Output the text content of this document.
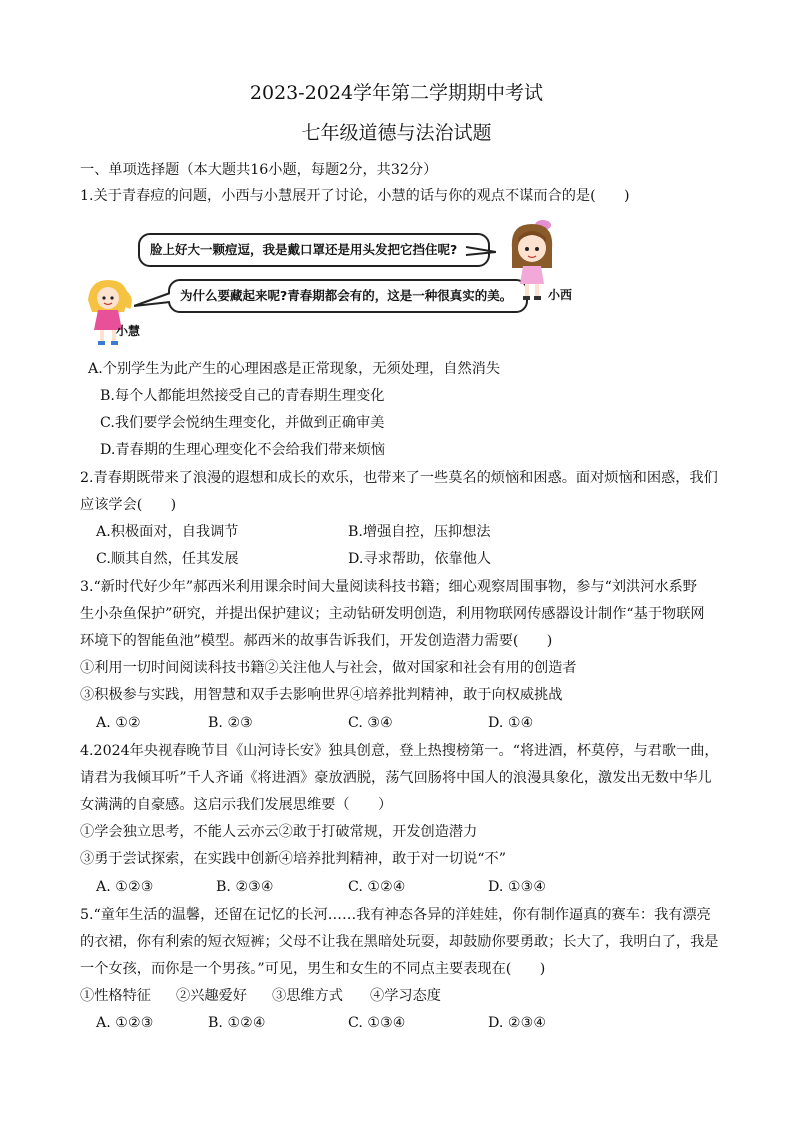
2023-2024学年第二学期期中考试
七年级道德与法治试题
一、单项选择题（本大题共16小题，每题2分，共32分）
1.关于青春痘的问题，小西与小慧展开了讨论，小慧的话与你的观点不谋而合的是(　　)
脸上好大一颗痘逗，我是戴口罩还是用头发把它挡住呢?
为什么要藏起来呢?青春期都会有的，这是一种很真实的美。	小西
小慧
A.个别学生为此产生的心理困惑是正常现象，无须处理，自然消失
B.每个人都能坦然接受自己的青春期生理变化
C.我们要学会悦纳生理变化，并做到正确审美
D.青春期的生理心理变化不会给我们带来烦恼
2.青春期既带来了浪漫的遐想和成长的欢乐，也带来了一些莫名的烦恼和困惑。面对烦恼和困惑，我们
应该学会(　　)
A.积极面对，自我调节	B.增强自控，压抑想法
C.顺其自然，任其发展	D.寻求帮助，依靠他人
3.“新时代好少年”郝西米利用课余时间大量阅读科技书籍；细心观察周围事物，参与“刘洪河水系野
生小杂鱼保护”研究，并提出保护建议；主动钻研发明创造，利用物联网传感器设计制作“基于物联网
环境下的智能鱼池”模型。郝西米的故事告诉我们，开发创造潜力需要(　　)
①利用一切时间阅读科技书籍②关注他人与社会，做对国家和社会有用的创造者
③积极参与实践，用智慧和双手去影响世界④培养批判精神，敢于向权威挑战
A. ①②	B. ②③	C. ③④	D. ①④
4.2024年央视春晚节目《山河诗长安》独具创意，登上热搜榜第一。“将进酒，杯莫停，与君歌一曲，
请君为我倾耳听”千人齐诵《将进酒》豪放洒脱，荡气回肠将中国人的浪漫具象化，激发出无数中华儿
女满满的自豪感。这启示我们发展思维要（　　）
①学会独立思考，不能人云亦云②敢于打破常规，开发创造潜力
③勇于尝试探索，在实践中创新④培养批判精神，敢于对一切说“不”
A. ①②③	B. ②③④	C. ①②④	D. ①③④
5.“童年生活的温馨，还留在记忆的长河……我有神态各异的洋娃娃，你有制作逼真的赛车：我有漂亮
的衣裙，你有利索的短衣短裤；父母不让我在黑暗处玩耍，却鼓励你要勇敢；长大了，我明白了，我是
一个女孩，而你是一个男孩。”可见，男生和女生的不同点主要表现在(　　)
①性格特征 ②兴趣爱好 ③思维方式 ④学习态度
A. ①②③	B. ①②④	C. ①③④	D. ②③④
